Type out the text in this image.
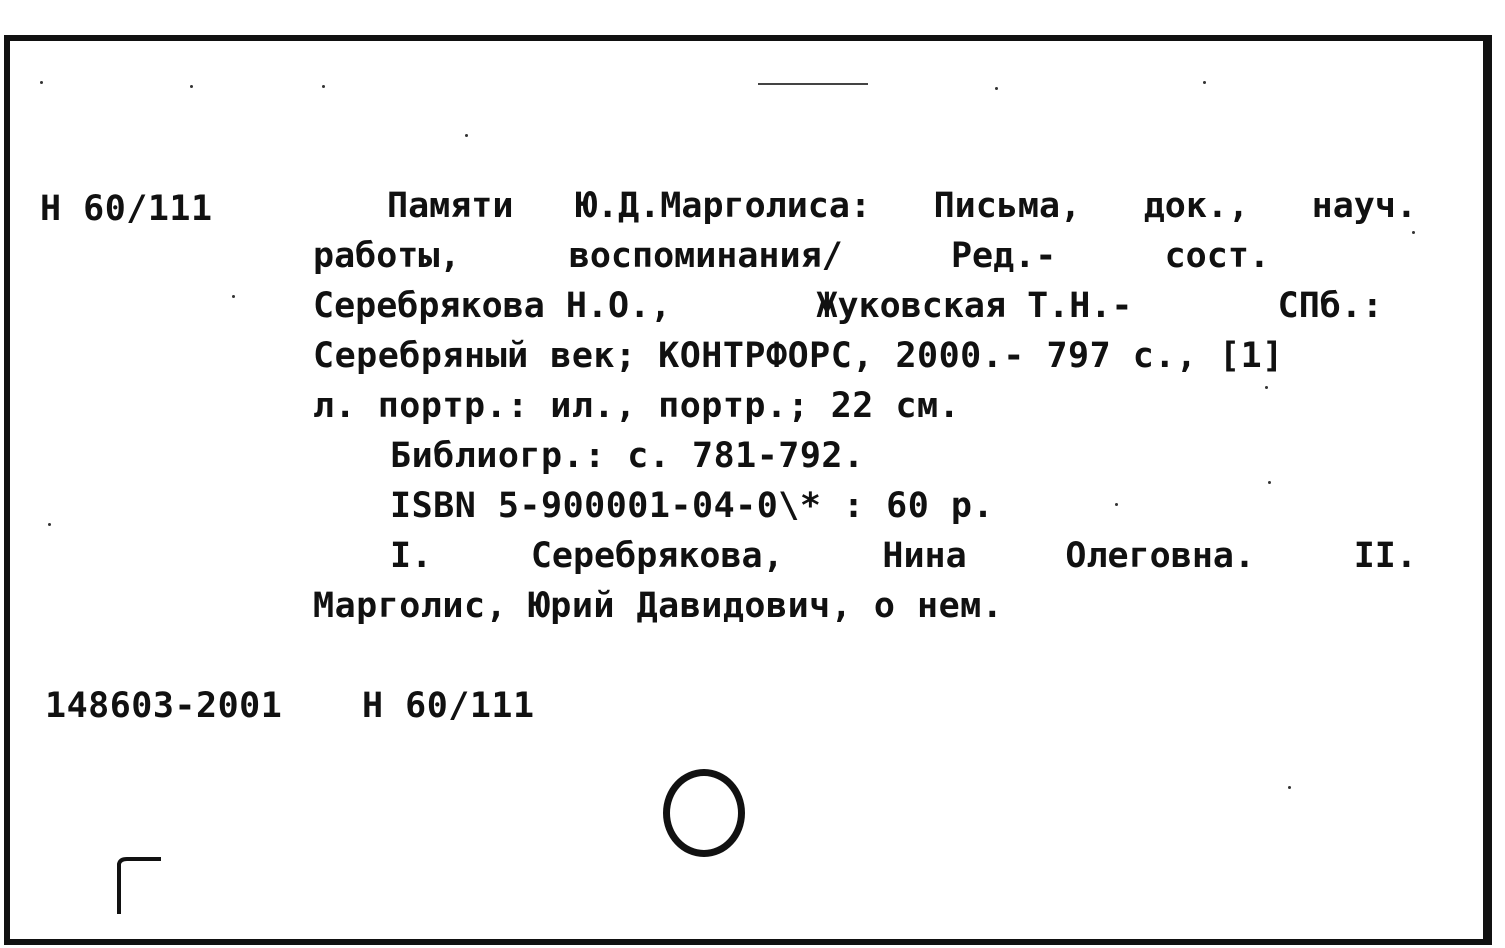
Н 60/111	Памяти Ю.Д.Марголиса: Письма, док., науч.
работы,	воспоминания/	Ред.-	сост.
Серебрякова Н.О.,	Жуковская Т.Н.-	СПб.:
Серебряный век; КОНТРФОРС, 2000.- 797 с., [1]
л. портр.: ил., портр.; 22 см.
Библиогр.: с. 781-792.
ISBN 5-900001-04-0\* : 60 р.
I.	Серебрякова,	Нина	Олеговна.	II.
Марголис, Юрий Давидович, о нем.
148603-2001 Н 60/111
